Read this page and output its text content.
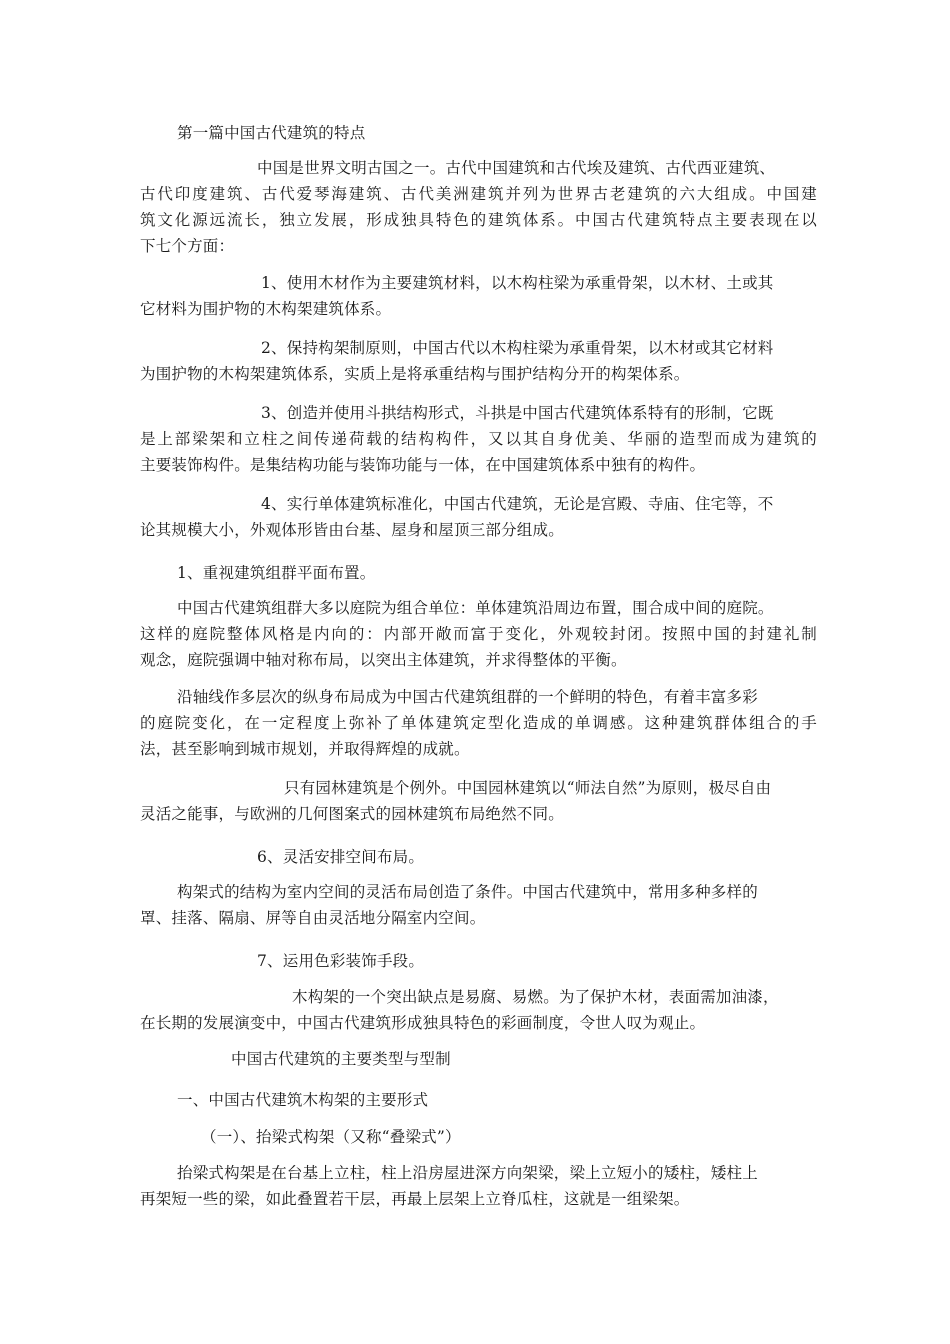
第一篇中国古代建筑的特点
中国是世界文明古国之一。古代中国建筑和古代埃及建筑、古代西亚建筑、
古代印度建筑、古代爱琴海建筑、古代美洲建筑并列为世界古老建筑的六大组成。中国建
筑文化源远流长，独立发展，形成独具特色的建筑体系。中国古代建筑特点主要表现在以
下七个方面：
1、使用木材作为主要建筑材料，以木构柱梁为承重骨架，以木材、土或其
它材料为围护物的木构架建筑体系。
2、保持构架制原则，中国古代以木构柱梁为承重骨架，以木材或其它材料
为围护物的木构架建筑体系，实质上是将承重结构与围护结构分开的构架体系。
3、创造并使用斗拱结构形式，斗拱是中国古代建筑体系特有的形制，它既
是上部梁架和立柱之间传递荷载的结构构件，又以其自身优美、华丽的造型而成为建筑的
主要装饰构件。是集结构功能与装饰功能与一体，在中国建筑体系中独有的构件。
4、实行单体建筑标准化，中国古代建筑，无论是宫殿、寺庙、住宅等，不
论其规模大小，外观体形皆由台基、屋身和屋顶三部分组成。
1、重视建筑组群平面布置。
中国古代建筑组群大多以庭院为组合单位：单体建筑沿周边布置，围合成中间的庭院。
这样的庭院整体风格是内向的：内部开敞而富于变化，外观较封闭。按照中国的封建礼制
观念，庭院强调中轴对称布局，以突出主体建筑，并求得整体的平衡。
沿轴线作多层次的纵身布局成为中国古代建筑组群的一个鲜明的特色，有着丰富多彩
的庭院变化，在一定程度上弥补了单体建筑定型化造成的单调感。这种建筑群体组合的手
法，甚至影响到城市规划，并取得辉煌的成就。
只有园林建筑是个例外。中国园林建筑以“师法自然”为原则，极尽自由
灵活之能事，与欧洲的几何图案式的园林建筑布局绝然不同。
6、灵活安排空间布局。
构架式的结构为室内空间的灵活布局创造了条件。中国古代建筑中，常用多种多样的
罩、挂落、隔扇、屏等自由灵活地分隔室内空间。
7、运用色彩装饰手段。
木构架的一个突出缺点是易腐、易燃。为了保护木材，表面需加油漆，
在长期的发展演变中，中国古代建筑形成独具特色的彩画制度，令世人叹为观止。
中国古代建筑的主要类型与型制
一、中国古代建筑木构架的主要形式
（一）、抬梁式构架（又称“叠梁式”）
抬梁式构架是在台基上立柱，柱上沿房屋进深方向架梁，梁上立短小的矮柱，矮柱上
再架短一些的梁，如此叠置若干层，再最上层架上立脊瓜柱，这就是一组梁架。
